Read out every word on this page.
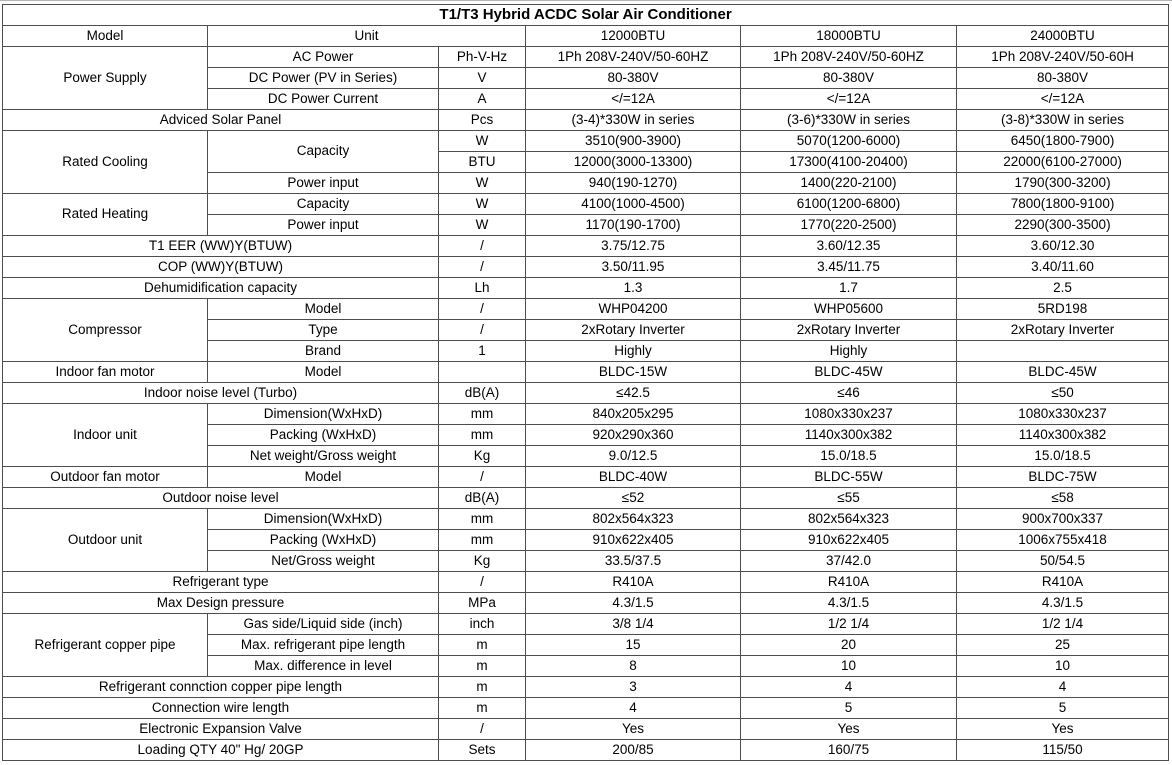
T1/T3 Hybrid ACDC Solar Air Conditioner					
Model	Unit		12000BTU	18000BTU	24000BTU
Power Supply	AC Power	Ph-V-Hz	1Ph 208V-240V/50-60HZ	1Ph 208V-240V/50-60HZ	1Ph 208V-240V/50-60H
	DC Power (PV in Series)	V	80-380V	80-380V	80-380V
	DC Power Current	A	</=12A	</=12A	</=12A
Adviced Solar Panel		Pcs	(3-4)*330W in series	(3-6)*330W in series	(3-8)*330W in series
Rated Cooling	Capacity	W	3510(900-3900)	5070(1200-6000)	6450(1800-7900)
		BTU	12000(3000-13300)	17300(4100-20400)	22000(6100-27000)
	Power input	W	940(190-1270)	1400(220-2100)	1790(300-3200)
Rated Heating	Capacity	W	4100(1000-4500)	6100(1200-6800)	7800(1800-9100)
	Power input	W	1170(190-1700)	1770(220-2500)	2290(300-3500)
T1 EER (WW)Y(BTUW)		/	3.75/12.75	3.60/12.35	3.60/12.30
COP (WW)Y(BTUW)		/	3.50/11.95	3.45/11.75	3.40/11.60
Dehumidification capacity		Lh	1.3	1.7	2.5
Compressor	Model	/	WHP04200	WHP05600	5RD198
	Type	/	2xRotary Inverter	2xRotary Inverter	2xRotary Inverter
	Brand	1	Highly	Highly	
Indoor fan motor	Model		BLDC-15W	BLDC-45W	BLDC-45W
Indoor noise level (Turbo)		dB(A)	≤42.5	≤46	≤50
Indoor unit	Dimension(WxHxD)	mm	840x205x295	1080x330x237	1080x330x237
	Packing (WxHxD)	mm	920x290x360	1140x300x382	1140x300x382
	Net weight/Gross weight	Kg	9.0/12.5	15.0/18.5	15.0/18.5
Outdoor fan motor	Model	/	BLDC-40W	BLDC-55W	BLDC-75W
Outdoor noise level		dB(A)	≤52	≤55	≤58
Outdoor unit	Dimension(WxHxD)	mm	802x564x323	802x564x323	900x700x337
	Packing (WxHxD)	mm	910x622x405	910x622x405	1006x755x418
	Net/Gross weight	Kg	33.5/37.5	37/42.0	50/54.5
Refrigerant type		/	R410A	R410A	R410A
Max Design pressure		MPa	4.3/1.5	4.3/1.5	4.3/1.5
Refrigerant copper pipe	Gas side/Liquid side (inch)	inch	3/8 1/4	1/2 1/4	1/2 1/4
	Max. refrigerant pipe length	m	15	20	25
	Max. difference in level	m	8	10	10
Refrigerant connction copper pipe length		m	3	4	4
Connection wire length		m	4	5	5
Electronic Expansion Valve		/	Yes	Yes	Yes
Loading QTY 40" Hg/ 20GP		Sets	200/85	160/75	115/50
